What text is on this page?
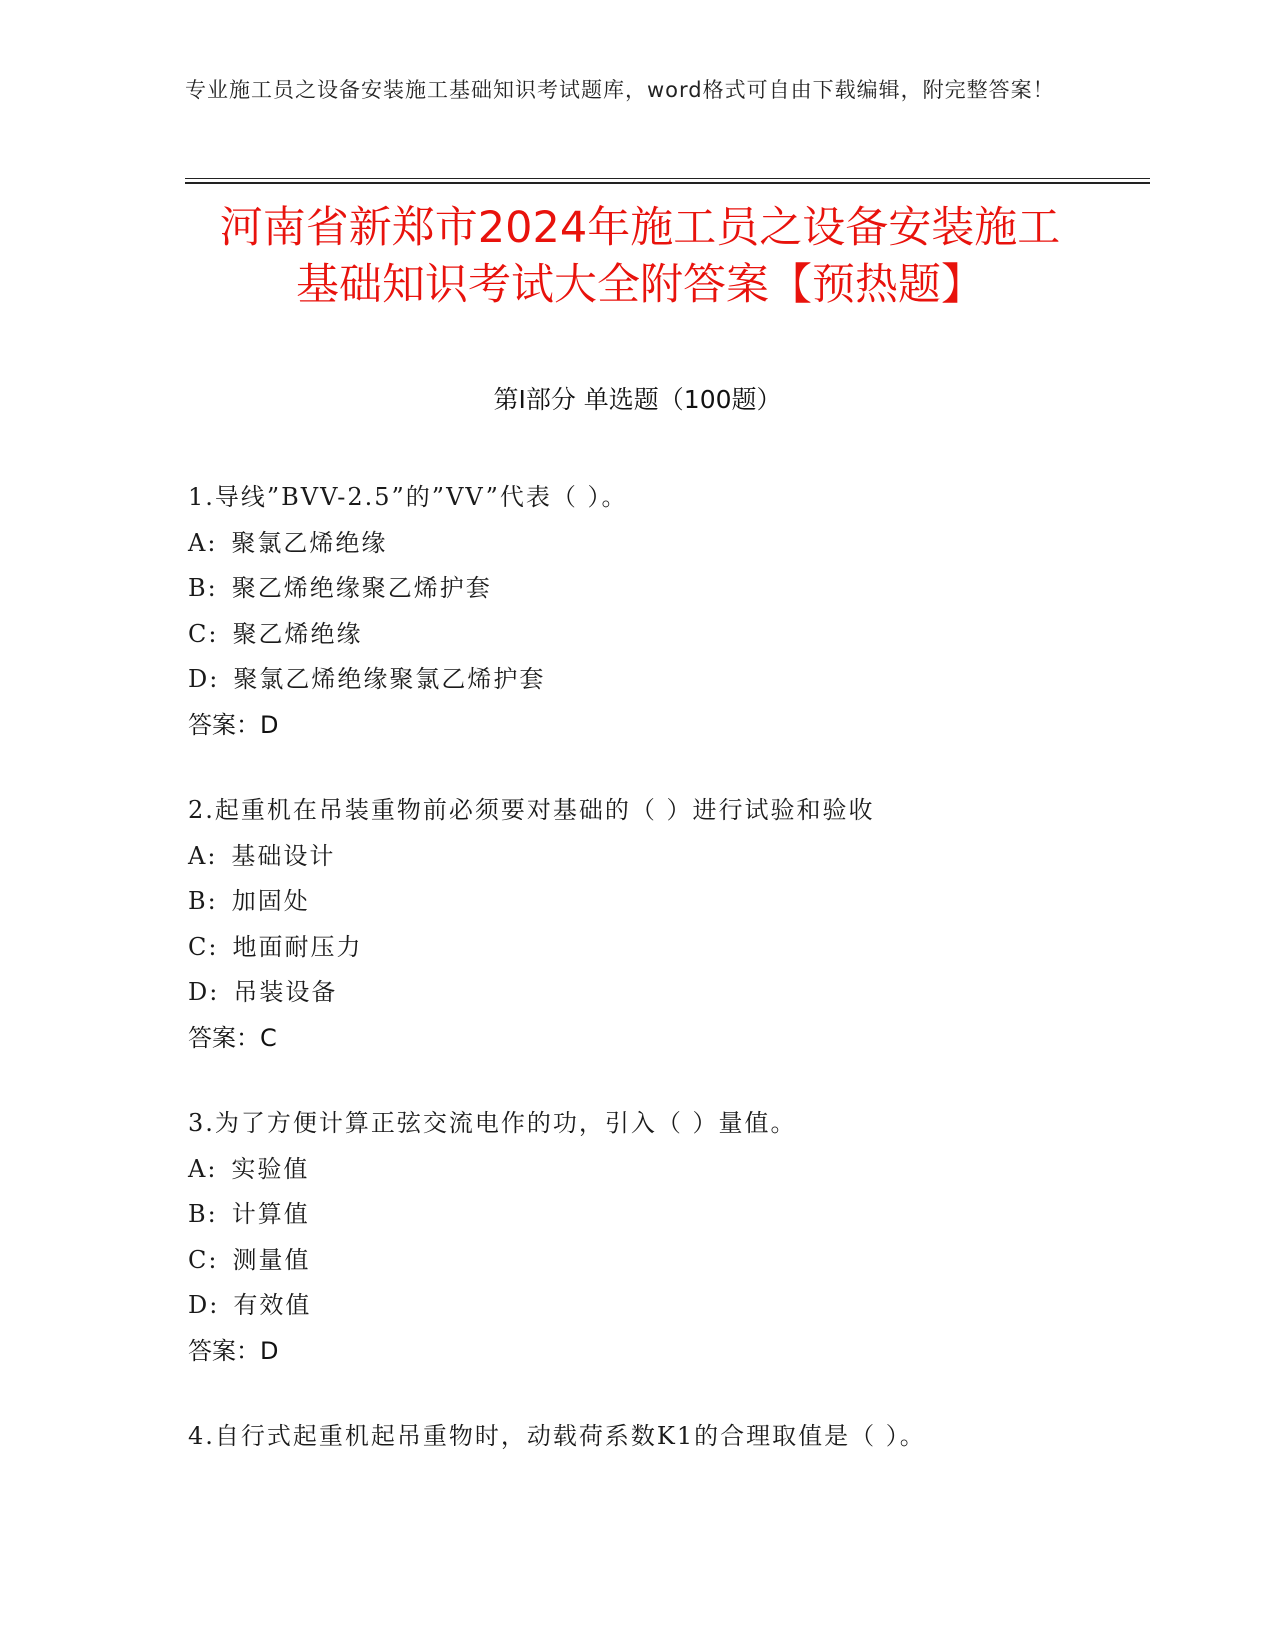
专业施工员之设备安装施工基础知识考试题库，word格式可自由下载编辑，附完整答案！
河南省新郑市2024年施工员之设备安装施工
基础知识考试大全附答案【预热题】
第Ⅰ部分 单选题（100题）
1.导线”BVV-2.5”的”VV”代表（ ）。
A: 聚氯乙烯绝缘
B: 聚乙烯绝缘聚乙烯护套
C: 聚乙烯绝缘
D: 聚氯乙烯绝缘聚氯乙烯护套
答案：D
2.起重机在吊装重物前必须要对基础的（ ）进行试验和验收
A: 基础设计
B: 加固处
C: 地面耐压力
D: 吊装设备
答案：C
3.为了方便计算正弦交流电作的功，引入（ ）量值。
A: 实验值
B: 计算值
C: 测量值
D: 有效值
答案：D
4.自行式起重机起吊重物时，动载荷系数K1的合理取值是（ ）。
